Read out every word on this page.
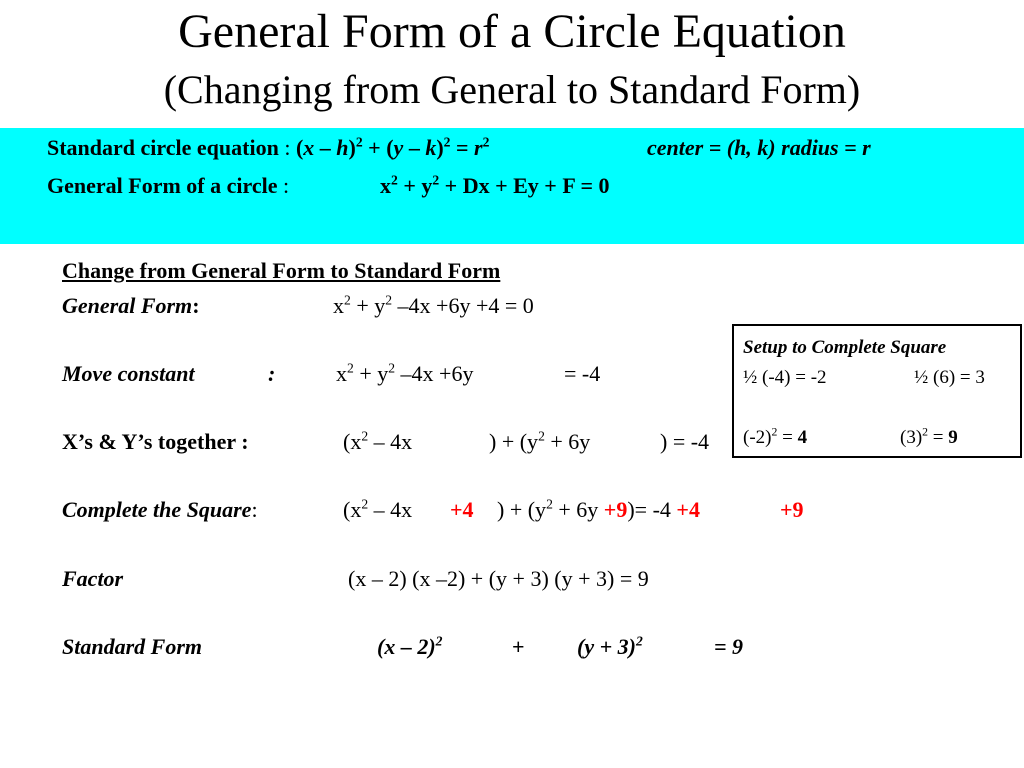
General Form of a Circle Equation
(Changing from General to Standard Form)
Standard circle equation : $(x - h)^2 + (y - k)^2 = r^2$	center = (h, k) radius = r
General Form of a circle :	$x^2 + y^2 + Dx + Ey + F = 0$
Change from General Form to Standard Form
General Form:	$x^2 + y^2$ –4x +6y +4 = 0
Move constant	:	$x^2 + y^2$ –4x +6y	= -4
X’s & Y’s together :	($x^2 - 4x$	) + ($y^2 + 6y$	) = -4
Complete the Square:	($x^2 - 4x +4$ ) + $(y^2 + 6y +9)= -4 +4$	+9
Factor	(x – 2) (x –2) + (y + 3) (y + 3) = 9
Standard Form	(x – 2)$^2$	+ $(y + 3)^2$	= 9
Setup to Complete Square
½ (-4) = -2	½ (6) = 3
$(-2)^2 = 4$	$(3)^2 = 9$
